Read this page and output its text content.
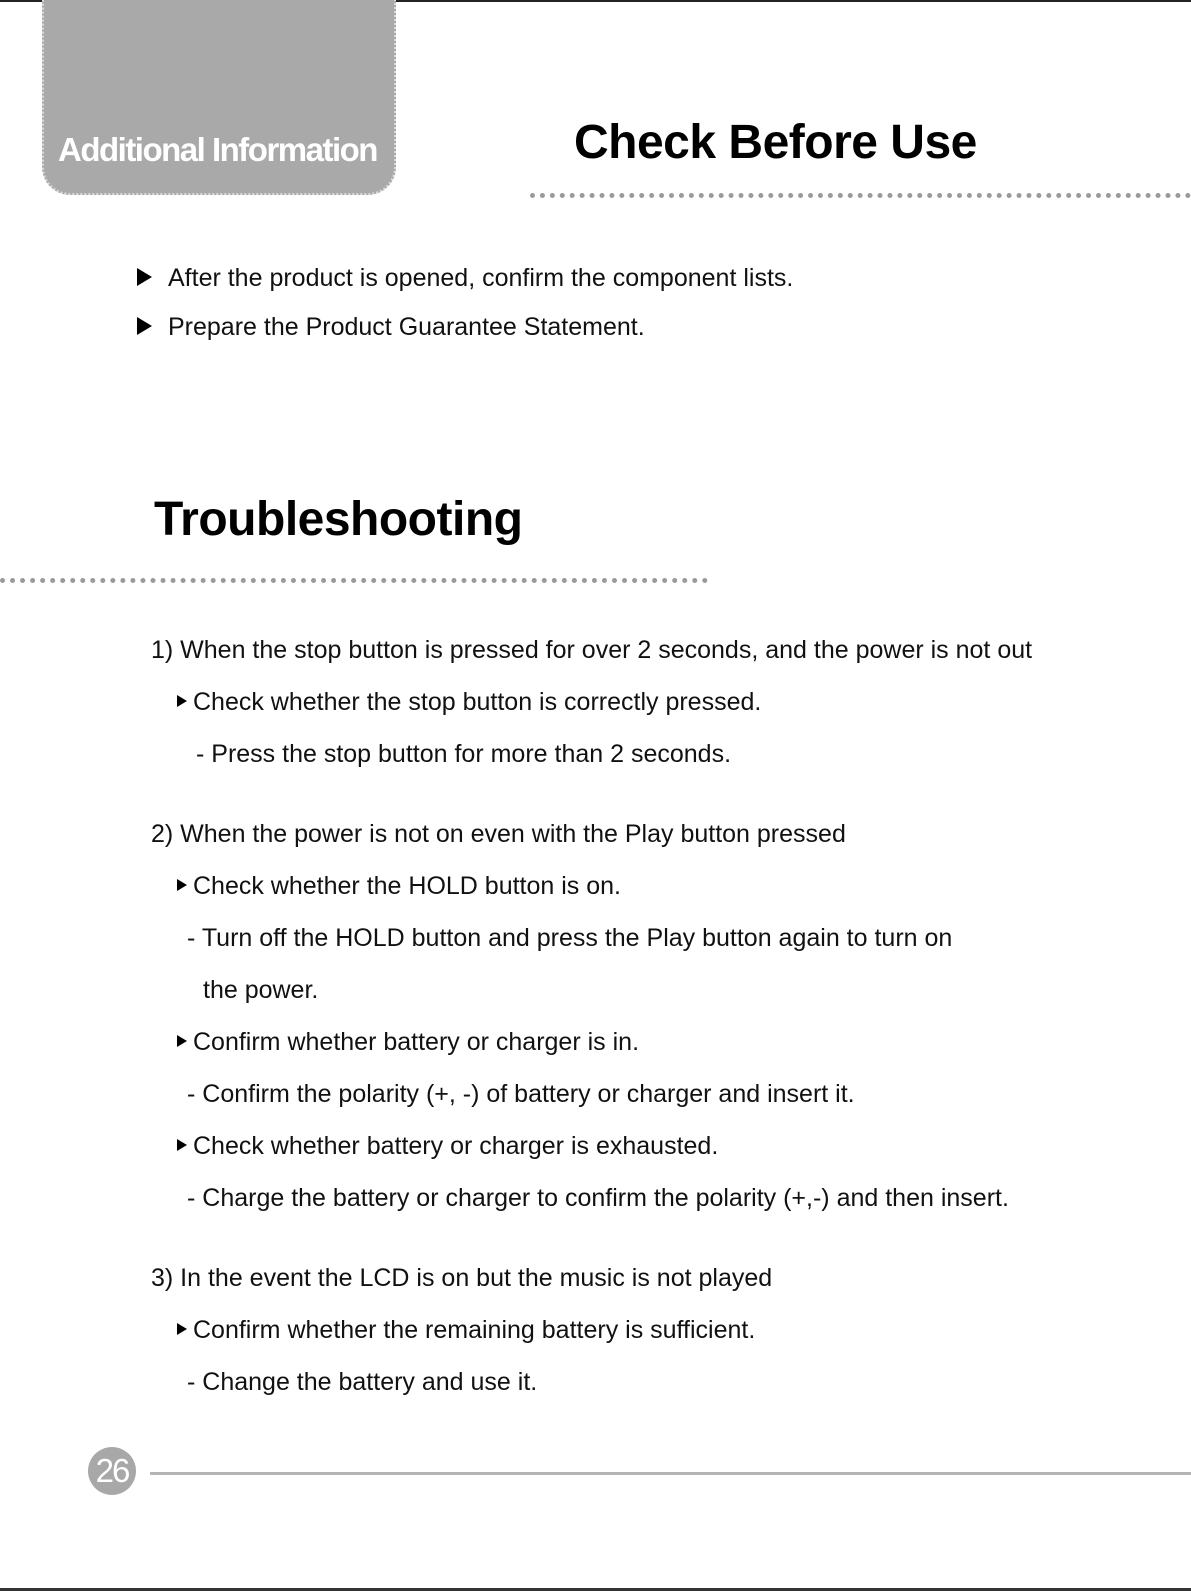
Additional Information	Check Before Use
After the product is opened, confirm the component lists.
Prepare the Product Guarantee Statement.
Troubleshooting
1) When the stop button is pressed for over 2 seconds, and the power is not out
Check whether the stop button is correctly pressed.
- Press the stop button for more than 2 seconds.
2) When the power is not on even with the Play button pressed
Check whether the HOLD button is on.
- Turn off the HOLD button and press the Play button again to turn on
the power.
Confirm whether battery or charger is in.
- Confirm the polarity (+, -) of battery or charger and insert it.
Check whether battery or charger is exhausted.
- Charge the battery or charger to confirm the polarity (+,-) and then insert.
3) In the event the LCD is on but the music is not played
Confirm whether the remaining battery is sufficient.
- Change the battery and use it.
26
